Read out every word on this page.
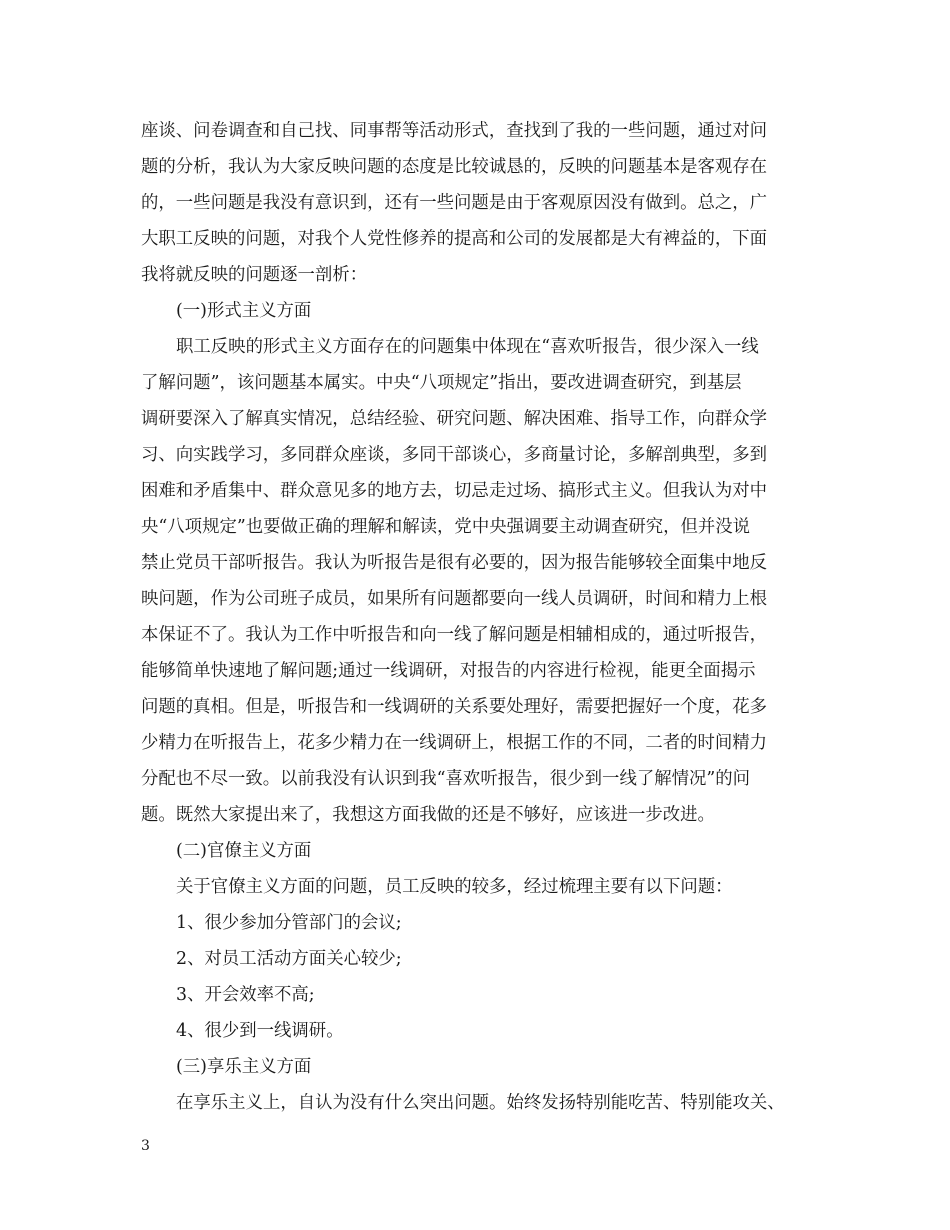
座谈、问卷调查和自己找、同事帮等活动形式，查找到了我的一些问题，通过对问

题的分析，我认为大家反映问题的态度是比较诚恳的，反映的问题基本是客观存在

的，一些问题是我没有意识到，还有一些问题是由于客观原因没有做到。总之，广

大职工反映的问题，对我个人党性修养的提高和公司的发展都是大有裨益的，下面

我将就反映的问题逐一剖析：

(一)形式主义方面

职工反映的形式主义方面存在的问题集中体现在“喜欢听报告，很少深入一线

了解问题”，该问题基本属实。中央“八项规定”指出，要改进调查研究，到基层

调研要深入了解真实情况，总结经验、研究问题、解决困难、指导工作，向群众学

习、向实践学习，多同群众座谈，多同干部谈心，多商量讨论，多解剖典型，多到

困难和矛盾集中、群众意见多的地方去，切忌走过场、搞形式主义。但我认为对中

央“八项规定”也要做正确的理解和解读，党中央强调要主动调查研究，但并没说

禁止党员干部听报告。我认为听报告是很有必要的，因为报告能够较全面集中地反

映问题，作为公司班子成员，如果所有问题都要向一线人员调研，时间和精力上根

本保证不了。我认为工作中听报告和向一线了解问题是相辅相成的，通过听报告，

能够简单快速地了解问题;通过一线调研，对报告的内容进行检视，能更全面揭示

问题的真相。但是，听报告和一线调研的关系要处理好，需要把握好一个度，花多

少精力在听报告上，花多少精力在一线调研上，根据工作的不同，二者的时间精力

分配也不尽一致。以前我没有认识到我“喜欢听报告，很少到一线了解情况”的问

题。既然大家提出来了，我想这方面我做的还是不够好，应该进一步改进。

(二)官僚主义方面

关于官僚主义方面的问题，员工反映的较多，经过梳理主要有以下问题：

1、很少参加分管部门的会议;

2、对员工活动方面关心较少;

3、开会效率不高;

4、很少到一线调研。

(三)享乐主义方面

在享乐主义上，自认为没有什么突出问题。始终发扬特别能吃苦、特别能攻关、

3
